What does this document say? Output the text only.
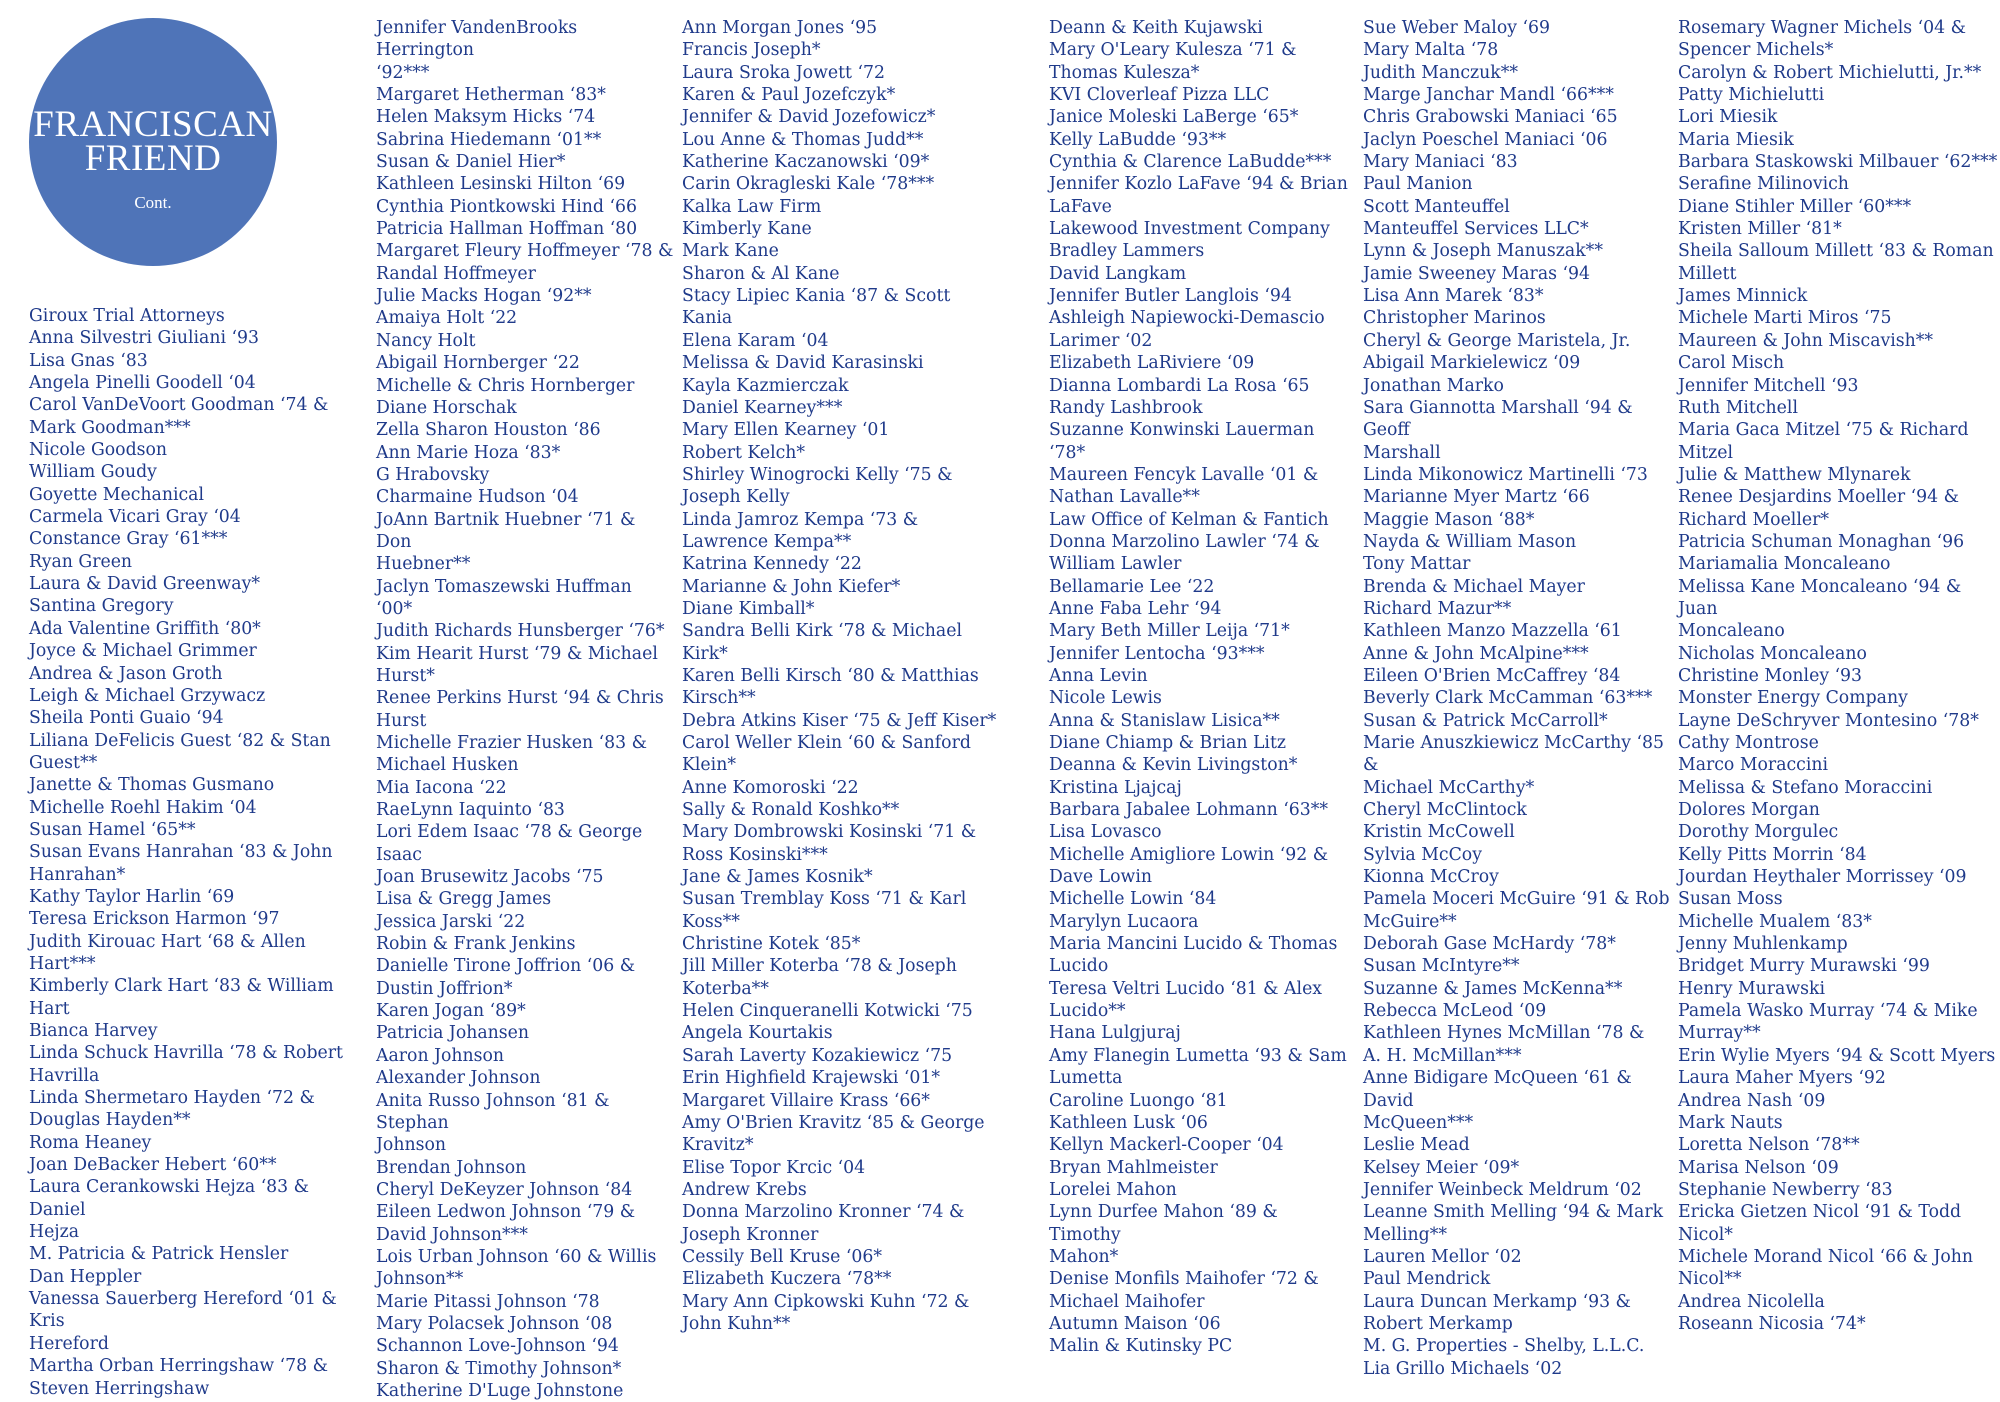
FRANCISCAN
FRIEND
Cont.
Giroux Trial Attorneys
Anna Silvestri Giuliani ‘93
Lisa Gnas ‘83
Angela Pinelli Goodell ‘04
Carol VanDeVoort Goodman ‘74 &
Mark Goodman***
Nicole Goodson
William Goudy
Goyette Mechanical
Carmela Vicari Gray ‘04
Constance Gray ‘61***
Ryan Green
Laura & David Greenway*
Santina Gregory
Ada Valentine Griffith ‘80*
Joyce & Michael Grimmer
Andrea & Jason Groth
Leigh & Michael Grzywacz
Sheila Ponti Guaio ‘94
Liliana DeFelicis Guest ‘82 & Stan
Guest**
Janette & Thomas Gusmano
Michelle Roehl Hakim ‘04
Susan Hamel ‘65**
Susan Evans Hanrahan ‘83 & John
Hanrahan*
Kathy Taylor Harlin ‘69
Teresa Erickson Harmon ‘97
Judith Kirouac Hart ‘68 & Allen Hart***
Kimberly Clark Hart ‘83 & William Hart
Bianca Harvey
Linda Schuck Havrilla ‘78 & Robert
Havrilla
Linda Shermetaro Hayden ‘72 &
Douglas Hayden**
Roma Heaney
Joan DeBacker Hebert ‘60**
Laura Cerankowski Hejza ‘83 & Daniel
Hejza
M. Patricia & Patrick Hensler
Dan Heppler
Vanessa Sauerberg Hereford ‘01 & Kris
Hereford
Martha Orban Herringshaw ‘78 &
Steven Herringshaw
Jennifer VandenBrooks Herrington
‘92***
Margaret Hetherman ‘83*
Helen Maksym Hicks ‘74
Sabrina Hiedemann ‘01**
Susan & Daniel Hier*
Kathleen Lesinski Hilton ‘69
Cynthia Piontkowski Hind ‘66
Patricia Hallman Hoffman ‘80
Margaret Fleury Hoffmeyer ‘78 &
Randal Hoffmeyer
Julie Macks Hogan ‘92**
Amaiya Holt ‘22
Nancy Holt
Abigail Hornberger ‘22
Michelle & Chris Hornberger
Diane Horschak
Zella Sharon Houston ‘86
Ann Marie Hoza ‘83*
G Hrabovsky
Charmaine Hudson ‘04
JoAnn Bartnik Huebner ‘71 & Don
Huebner**
Jaclyn Tomaszewski Huffman
‘00*
Judith Richards Hunsberger ‘76*
Kim Hearit Hurst ‘79 & Michael
Hurst*
Renee Perkins Hurst ‘94 & Chris
Hurst
Michelle Frazier Husken ‘83 &
Michael Husken
Mia Iacona ‘22
RaeLynn Iaquinto ‘83
Lori Edem Isaac ‘78 & George Isaac
Joan Brusewitz Jacobs ‘75
Lisa & Gregg James
Jessica Jarski ‘22
Robin & Frank Jenkins
Danielle Tirone Joffrion ‘06 &
Dustin Joffrion*
Karen Jogan ‘89*
Patricia Johansen
Aaron Johnson
Alexander Johnson
Anita Russo Johnson ‘81 & Stephan
Johnson
Brendan Johnson
Cheryl DeKeyzer Johnson ‘84
Eileen Ledwon Johnson ‘79 &
David Johnson***
Lois Urban Johnson ‘60 & Willis
Johnson**
Marie Pitassi Johnson ‘78
Mary Polacsek Johnson ‘08
Schannon Love-Johnson ‘94
Sharon & Timothy Johnson*
Katherine D'Luge Johnstone
Ann Morgan Jones ‘95
Francis Joseph*
Laura Sroka Jowett ‘72
Karen & Paul Jozefczyk*
Jennifer & David Jozefowicz*
Lou Anne & Thomas Judd**
Katherine Kaczanowski ‘09*
Carin Okragleski Kale ‘78***
Kalka Law Firm
Kimberly Kane
Mark Kane
Sharon & Al Kane
Stacy Lipiec Kania ‘87 & Scott Kania
Elena Karam ‘04
Melissa & David Karasinski
Kayla Kazmierczak
Daniel Kearney***
Mary Ellen Kearney ‘01
Robert Kelch*
Shirley Winogrocki Kelly ‘75 &
Joseph Kelly
Linda Jamroz Kempa ‘73 &
Lawrence Kempa**
Katrina Kennedy ‘22
Marianne & John Kiefer*
Diane Kimball*
Sandra Belli Kirk ‘78 & Michael
Kirk*
Karen Belli Kirsch ‘80 & Matthias
Kirsch**
Debra Atkins Kiser ‘75 & Jeff Kiser*
Carol Weller Klein ‘60 & Sanford
Klein*
Anne Komoroski ‘22
Sally & Ronald Koshko**
Mary Dombrowski Kosinski ‘71 &
Ross Kosinski***
Jane & James Kosnik*
Susan Tremblay Koss ‘71 & Karl
Koss**
Christine Kotek ‘85*
Jill Miller Koterba ‘78 & Joseph
Koterba**
Helen Cinqueranelli Kotwicki ‘75
Angela Kourtakis
Sarah Laverty Kozakiewicz ‘75
Erin Highfield Krajewski ‘01*
Margaret Villaire Krass ‘66*
Amy O'Brien Kravitz ‘85 & George
Kravitz*
Elise Topor Krcic ‘04
Andrew Krebs
Donna Marzolino Kronner ‘74 &
Joseph Kronner
Cessily Bell Kruse ‘06*
Elizabeth Kuczera ‘78**
Mary Ann Cipkowski Kuhn ‘72 &
John Kuhn**
Deann & Keith Kujawski
Mary O'Leary Kulesza ‘71 &
Thomas Kulesza*
KVI Cloverleaf Pizza LLC
Janice Moleski LaBerge ‘65*
Kelly LaBudde ‘93**
Cynthia & Clarence LaBudde***
Jennifer Kozlo LaFave ‘94 & Brian
LaFave
Lakewood Investment Company
Bradley Lammers
David Langkam
Jennifer Butler Langlois ‘94
Ashleigh Napiewocki-Demascio
Larimer ‘02
Elizabeth LaRiviere ‘09
Dianna Lombardi La Rosa ‘65
Randy Lashbrook
Suzanne Konwinski Lauerman ‘78*
Maureen Fencyk Lavalle ‘01 &
Nathan Lavalle**
Law Office of Kelman & Fantich
Donna Marzolino Lawler ‘74 &
William Lawler
Bellamarie Lee ‘22
Anne Faba Lehr ‘94
Mary Beth Miller Leija ‘71*
Jennifer Lentocha ‘93***
Anna Levin
Nicole Lewis
Anna & Stanislaw Lisica**
Diane Chiamp & Brian Litz
Deanna & Kevin Livingston*
Kristina Ljajcaj
Barbara Jabalee Lohmann ‘63**
Lisa Lovasco
Michelle Amigliore Lowin ‘92 &
Dave Lowin
Michelle Lowin ‘84
Marylyn Lucaora
Maria Mancini Lucido & Thomas
Lucido
Teresa Veltri Lucido ‘81 & Alex
Lucido**
Hana Lulgjuraj
Amy Flanegin Lumetta ‘93 & Sam
Lumetta
Caroline Luongo ‘81
Kathleen Lusk ‘06
Kellyn Mackerl-Cooper ‘04
Bryan Mahlmeister
Lorelei Mahon
Lynn Durfee Mahon ‘89 & Timothy
Mahon*
Denise Monfils Maihofer ‘72 &
Michael Maihofer
Autumn Maison ‘06
Malin & Kutinsky PC
Sue Weber Maloy ‘69
Mary Malta ‘78
Judith Manczuk**
Marge Janchar Mandl ‘66***
Chris Grabowski Maniaci ‘65
Jaclyn Poeschel Maniaci ‘06
Mary Maniaci ‘83
Paul Manion
Scott Manteuffel
Manteuffel Services LLC*
Lynn & Joseph Manuszak**
Jamie Sweeney Maras ‘94
Lisa Ann Marek ‘83*
Christopher Marinos
Cheryl & George Maristela, Jr.
Abigail Markielewicz ‘09
Jonathan Marko
Sara Giannotta Marshall ‘94 & Geoff
Marshall
Linda Mikonowicz Martinelli ‘73
Marianne Myer Martz ‘66
Maggie Mason ‘88*
Nayda & William Mason
Tony Mattar
Brenda & Michael Mayer
Richard Mazur**
Kathleen Manzo Mazzella ‘61
Anne & John McAlpine***
Eileen O'Brien McCaffrey ‘84
Beverly Clark McCamman ‘63***
Susan & Patrick McCarroll*
Marie Anuszkiewicz McCarthy ‘85 &
Michael McCarthy*
Cheryl McClintock
Kristin McCowell
Sylvia McCoy
Kionna McCroy
Pamela Moceri McGuire ‘91 & Rob
McGuire**
Deborah Gase McHardy ‘78*
Susan McIntyre**
Suzanne & James McKenna**
Rebecca McLeod ‘09
Kathleen Hynes McMillan ‘78 &
A. H. McMillan***
Anne Bidigare McQueen ‘61 & David
McQueen***
Leslie Mead
Kelsey Meier ‘09*
Jennifer Weinbeck Meldrum ‘02
Leanne Smith Melling ‘94 & Mark
Melling**
Lauren Mellor ‘02
Paul Mendrick
Laura Duncan Merkamp ‘93 &
Robert Merkamp
M. G. Properties - Shelby, L.L.C.
Lia Grillo Michaels ‘02
Rosemary Wagner Michels ‘04 &
Spencer Michels*
Carolyn & Robert Michielutti, Jr.**
Patty Michielutti
Lori Miesik
Maria Miesik
Barbara Staskowski Milbauer ‘62***
Serafine Milinovich
Diane Stihler Miller ‘60***
Kristen Miller ‘81*
Sheila Salloum Millett ‘83 & Roman
Millett
James Minnick
Michele Marti Miros ‘75
Maureen & John Miscavish**
Carol Misch
Jennifer Mitchell ‘93
Ruth Mitchell
Maria Gaca Mitzel ‘75 & Richard
Mitzel
Julie & Matthew Mlynarek
Renee Desjardins Moeller ‘94 &
Richard Moeller*
Patricia Schuman Monaghan ‘96
Mariamalia Moncaleano
Melissa Kane Moncaleano ‘94 & Juan
Moncaleano
Nicholas Moncaleano
Christine Monley ‘93
Monster Energy Company
Layne DeSchryver Montesino ‘78*
Cathy Montrose
Marco Moraccini
Melissa & Stefano Moraccini
Dolores Morgan
Dorothy Morgulec
Kelly Pitts Morrin ‘84
Jourdan Heythaler Morrissey ‘09
Susan Moss
Michelle Mualem ‘83*
Jenny Muhlenkamp
Bridget Murry Murawski ‘99
Henry Murawski
Pamela Wasko Murray ‘74 & Mike
Murray**
Erin Wylie Myers ‘94 & Scott Myers
Laura Maher Myers ‘92
Andrea Nash ‘09
Mark Nauts
Loretta Nelson ‘78**
Marisa Nelson ‘09
Stephanie Newberry ‘83
Ericka Gietzen Nicol ‘91 & Todd
Nicol*
Michele Morand Nicol ‘66 & John
Nicol**
Andrea Nicolella
Roseann Nicosia ‘74*
